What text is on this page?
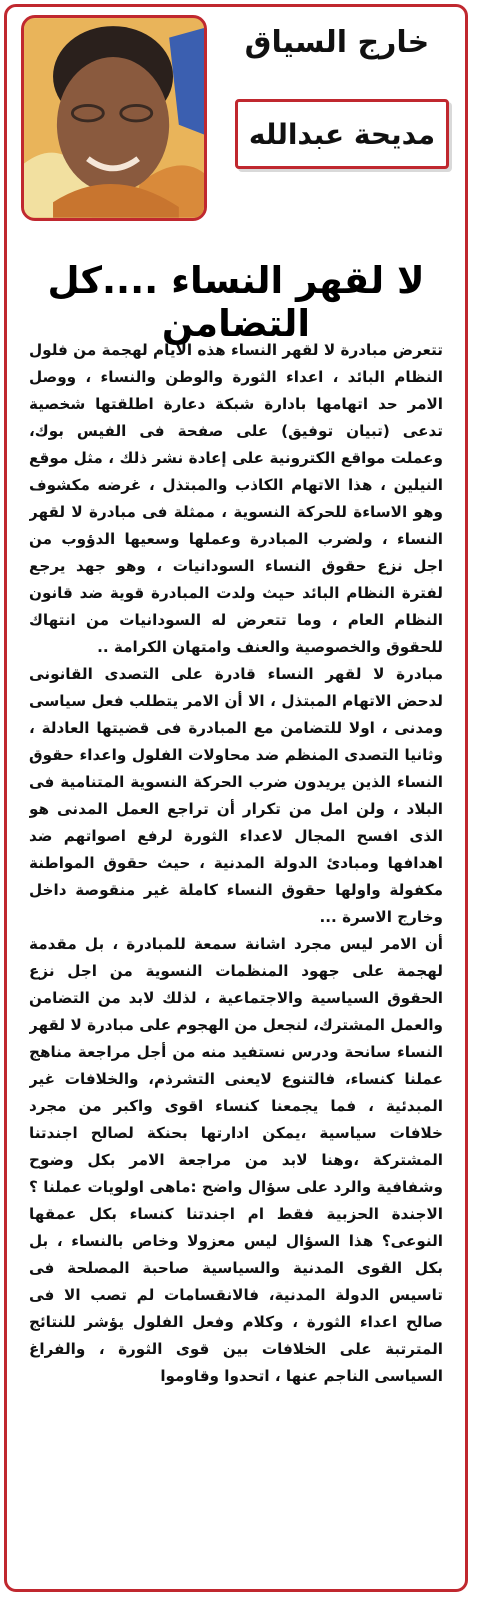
خارج السياق
مديحة عبدالله
لا لقهر النساء ....كل التضامن

تتعرض مبادرة لا لقهر النساء هذه الايام لهجمة من فلول النظام البائد ، اعداء الثورة والوطن والنساء ، ووصل الامر حد اتهامها بادارة شبكة دعارة اطلقتها شخصية تدعى (تبيان توفيق) على صفحة فى الفيس بوك، وعملت مواقع الكترونية على إعادة نشر ذلك ، مثل موقع النيلين ، هذا الاتهام الكاذب والمبتذل ، غرضه مكشوف وهو الاساءة للحركة النسوية ، ممثلة فى مبادرة لا لقهر النساء ، ولضرب المبادرة وعملها وسعيها الدؤوب من اجل نزع حقوق النساء السودانيات ، وهو جهد يرجع لفترة النظام البائد حيث ولدت المبادرة قوية ضد قانون النظام العام ، وما تتعرض له السودانيات من انتهاك للحقوق والخصوصية والعنف وامتهان الكرامة ..

مبادرة لا لقهر النساء قادرة على التصدى القانونى لدحض الاتهام المبتذل ، الا أن الامر يتطلب فعل سياسى ومدنى ، اولا للتضامن مع المبادرة فى قضيتها العادلة ، وثانيا التصدى المنظم ضد محاولات الفلول واعداء حقوق النساء الذين يريدون ضرب الحركة النسوية المتنامية فى البلاد ، ولن امل من تكرار أن تراجع العمل المدنى هو الذى افسح المجال لاعداء الثورة لرفع اصواتهم ضد اهدافها ومبادئ الدولة المدنية ، حيث حقوق المواطنة مكفولة واولها حقوق النساء كاملة غير منقوصة داخل وخارج الاسرة ...

أن الامر ليس مجرد اشانة سمعة للمبادرة ، بل مقدمة لهجمة على جهود المنظمات النسوية من اجل نزع الحقوق السياسية والاجتماعية ، لذلك لابد من التضامن والعمل المشترك، لنجعل من الهجوم على مبادرة لا لقهر النساء سانحة ودرس نستفيد منه من أجل مراجعة مناهج عملنا كنساء، فالتنوع لايعنى التشرذم، والخلافات غير المبدئية ، فما يجمعنا كنساء اقوى واكبر من مجرد خلافات سياسية ،يمكن ادارتها بحنكة لصالح اجندتنا المشتركة ،وهنا لابد من مراجعة الامر بكل وضوح وشفافية والرد على سؤال واضح :ماهى اولويات عملنا ؟ الاجندة الحزبية فقط ام اجندتنا كنساء بكل عمقها النوعى؟ هذا السؤال ليس معزولا وخاص بالنساء ، بل بكل القوى المدنية والسياسية صاحبة المصلحة فى تاسيس الدولة المدنية، فالانقسامات لم تصب الا فى صالح اعداء الثورة ، وكلام وفعل الفلول يؤشر للنتائج المترتبة على الخلافات بين قوى الثورة ، والفراغ السياسى الناجم عنها ، اتحدوا وقاوموا
